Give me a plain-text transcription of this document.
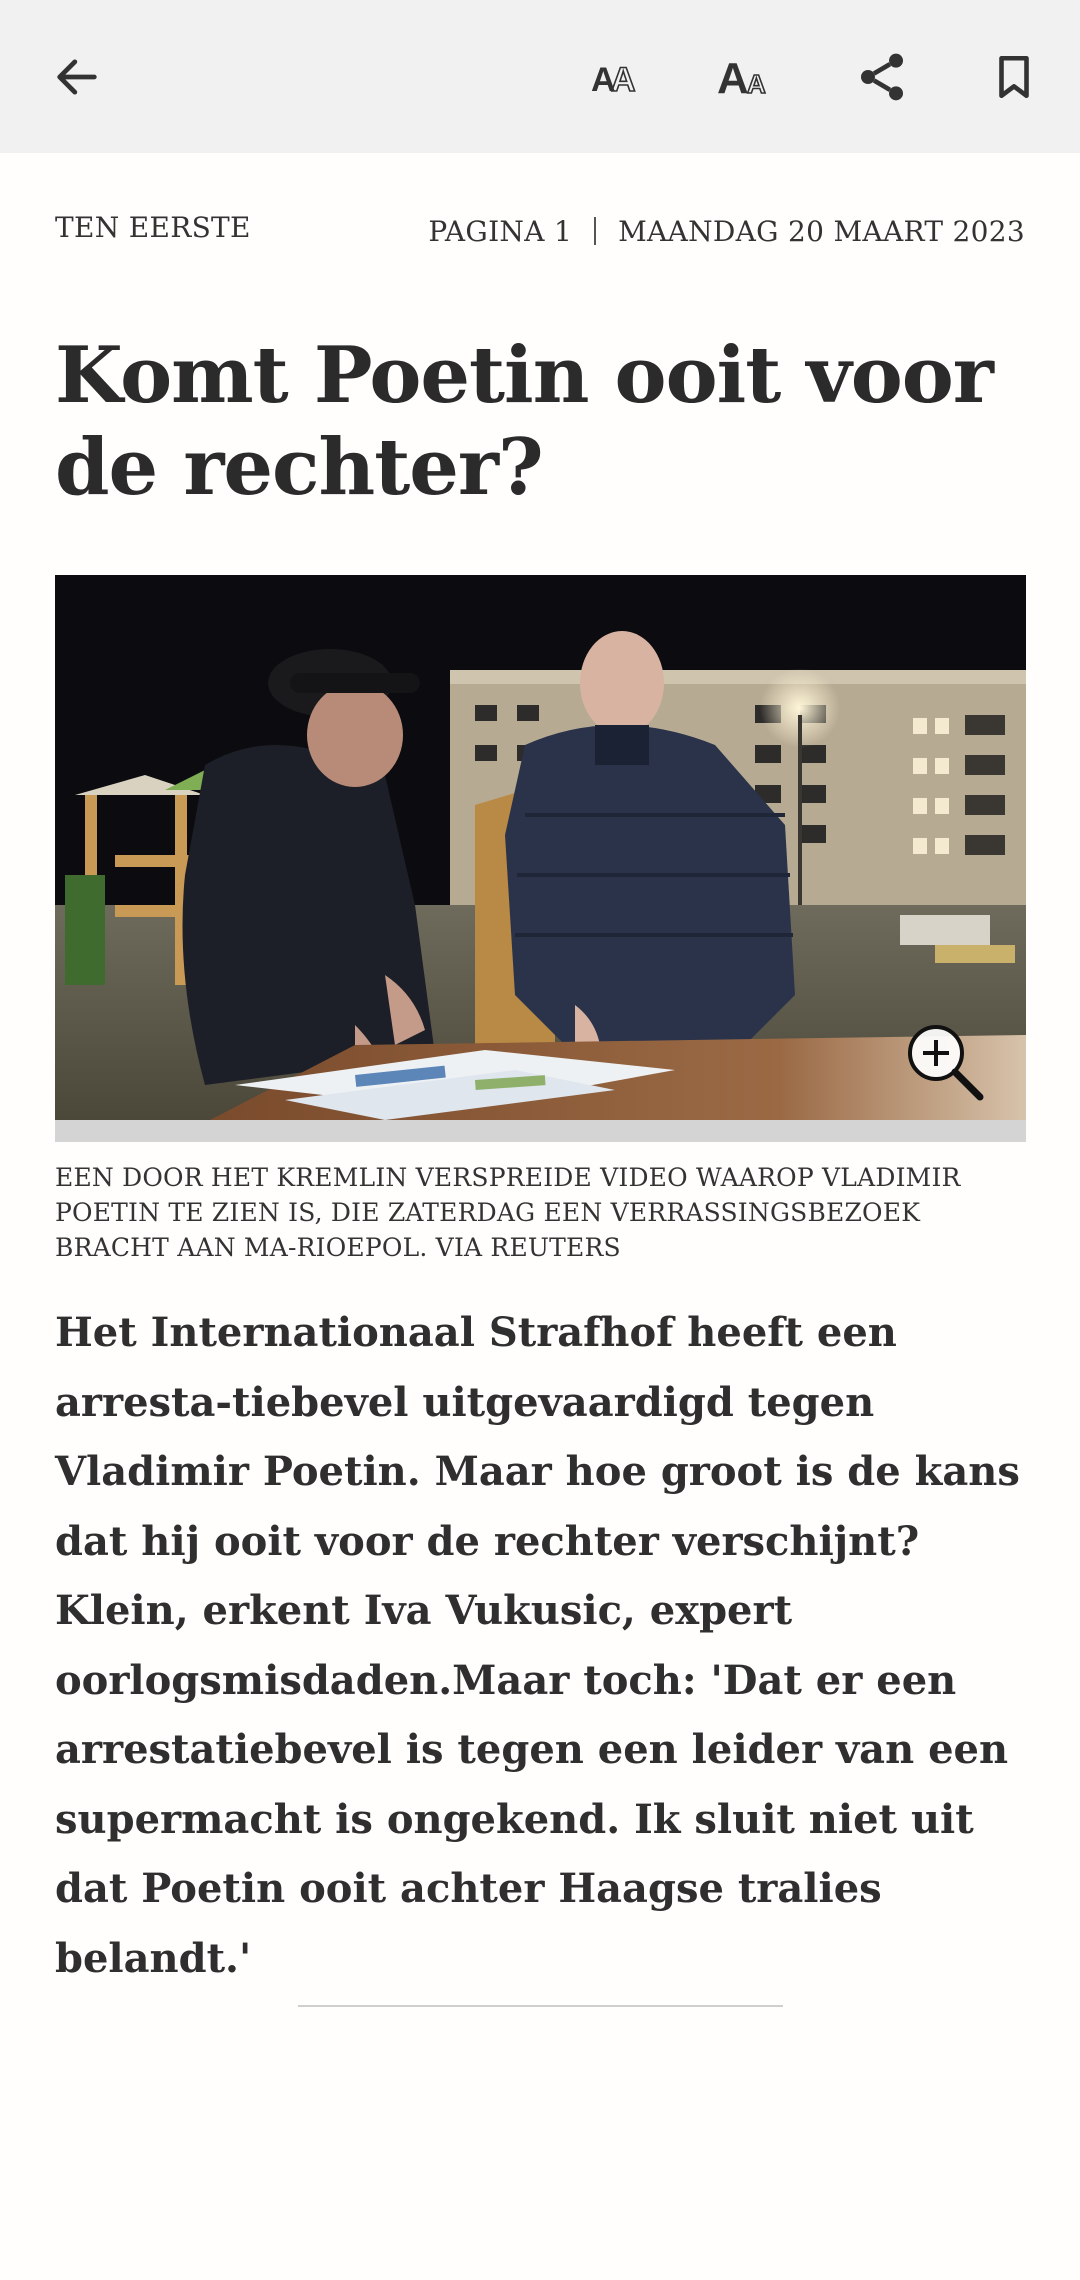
A
A A
A
TEN EERSTE	PAGINA 1 MAANDAG 20 MAART 2023
Komt Poetin ooit voor de rechter?

EEN DOOR HET KREMLIN VERSPREIDE VIDEO WAAROP VLADIMIR POETIN TE ZIEN IS, DIE ZATERDAG EEN VERRASSINGSBEZOEK BRACHT AAN MA-RIOEPOL. VIA REUTERS

Het Internationaal Strafhof heeft een arresta-tiebevel uitgevaardigd tegen Vladimir Poetin. Maar hoe groot is de kans dat hij ooit voor de rechter verschijnt? Klein, erkent Iva Vukusic, expert oorlogsmisdaden.Maar toch: 'Dat er een arrestatiebevel is tegen een leider van een supermacht is ongekend. Ik sluit niet uit dat Poetin ooit achter Haagse tralies belandt.'
